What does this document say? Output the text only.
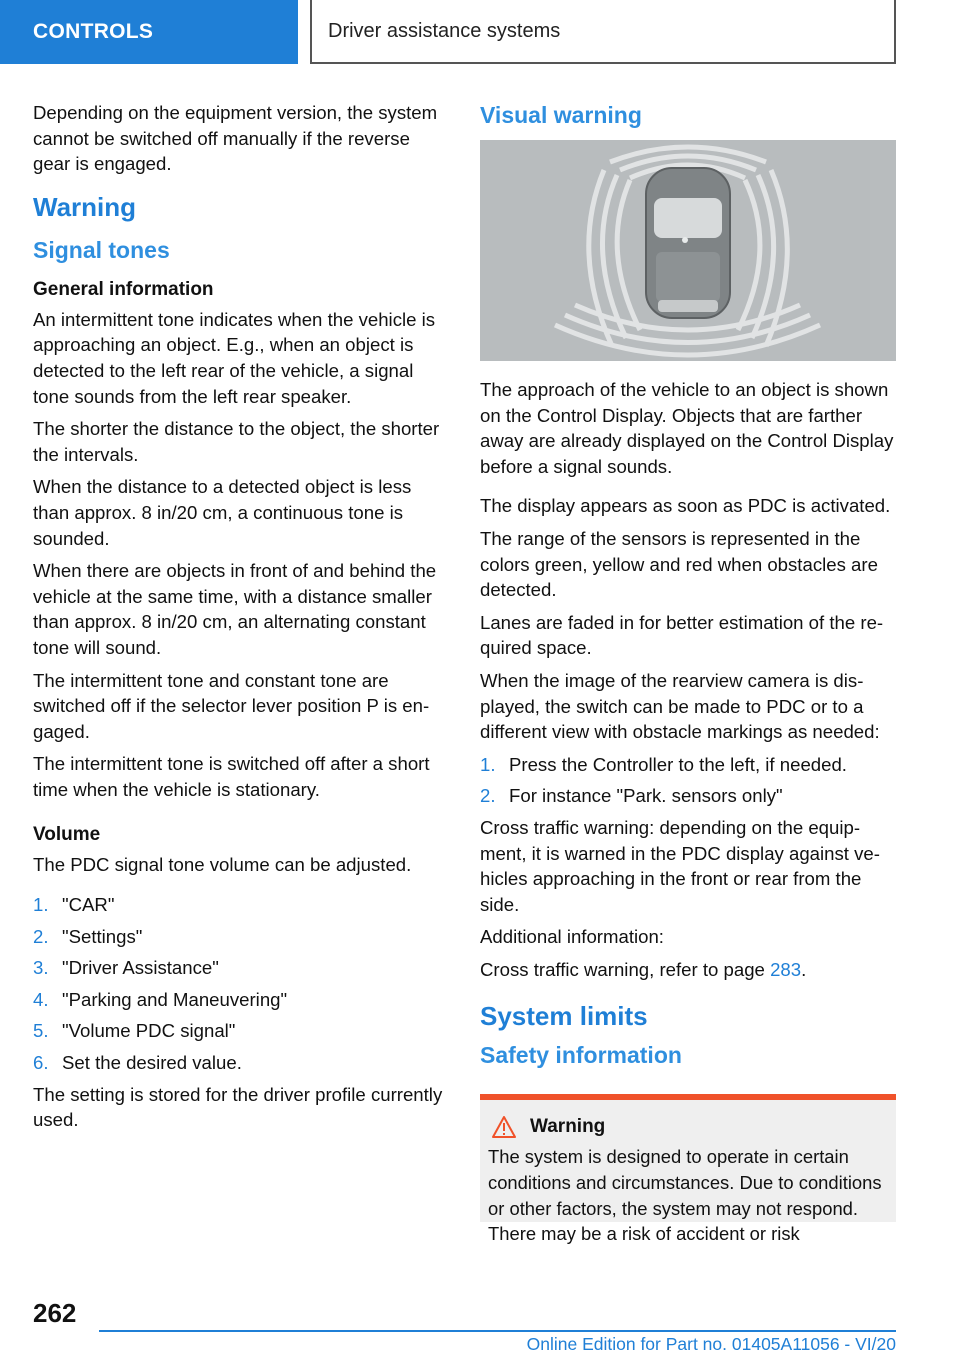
CONTROLS	Driver assistance systems

Depending on the equipment version, the system cannot be switched off manually if the reverse gear is engaged.

Warning
Signal tones
General information

An intermittent tone indicates when the vehicle is approaching an object. E.g., when an object is detected to the left rear of the vehicle, a signal tone sounds from the left rear speaker.

The shorter the distance to the object, the shorter the intervals.

When the distance to a detected object is less than approx. 8 in/20 cm, a continuous tone is sounded.

When there are objects in front of and behind the vehicle at the same time, with a distance smaller than approx. 8 in/20 cm, an alternating constant tone will sound.

The intermittent tone and constant tone are switched off if the selector lever position P is engaged.

The intermittent tone is switched off after a short time when the vehicle is stationary.

Volume

The PDC signal tone volume can be adjusted.

1. "CAR"
2. "Settings"
3. "Driver Assistance"
4. "Parking and Maneuvering"
5. "Volume PDC signal"
6. Set the desired value.

The setting is stored for the driver profile currently used.

Visual warning

The approach of the vehicle to an object is shown on the Control Display. Objects that are farther away are already displayed on the Control Display before a signal sounds.

The display appears as soon as PDC is activated.

The range of the sensors is represented in the colors green, yellow and red when obstacles are detected.

Lanes are faded in for better estimation of the required space.

When the image of the rearview camera is displayed, the switch can be made to PDC or to a different view with obstacle markings as needed:

1. Press the Controller to the left, if needed.
2. For instance "Park. sensors only"

Cross traffic warning: depending on the equipment, it is warned in the PDC display against vehicles approaching in the front or rear from the side.

Additional information:

Cross traffic warning, refer to page 283.

System limits
Safety information
Warning

The system is designed to operate in certain conditions and circumstances. Due to conditions or other factors, the system may not respond. There may be a risk of accident or risk

262
Online Edition for Part no. 01405A11056 - VI/20
